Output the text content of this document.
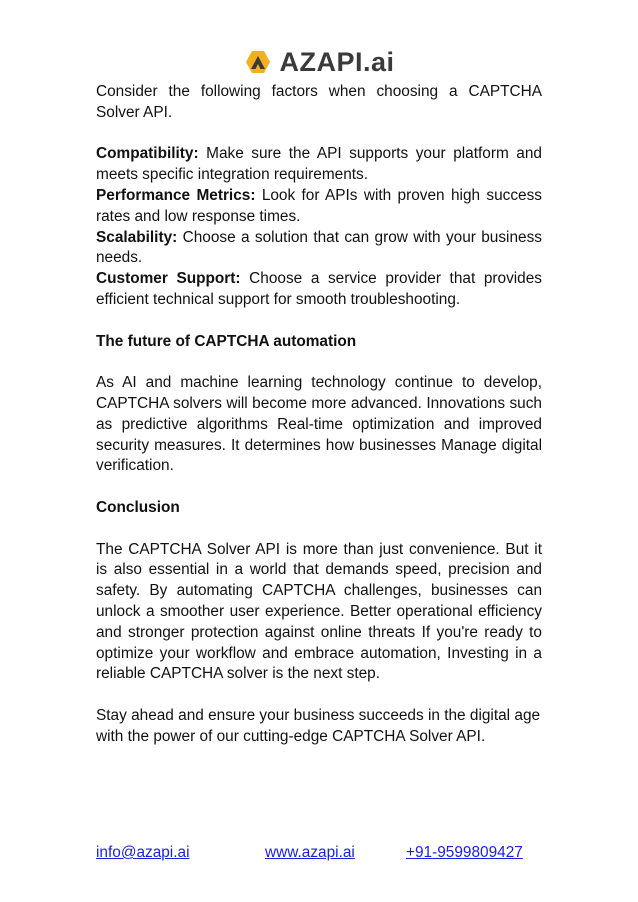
AZAPI.ai

Consider the following factors when choosing a CAPTCHA Solver API.

Compatibility: Make sure the API supports your platform and meets specific integration requirements.

Performance Metrics: Look for APIs with proven high success rates and low response times.

Scalability: Choose a solution that can grow with your business needs.

Customer Support: Choose a service provider that provides efficient technical support for smooth troubleshooting.

The future of CAPTCHA automation

As AI and machine learning technology continue to develop, CAPTCHA solvers will become more advanced. Innovations such as predictive algorithms Real-time optimization and improved security measures. It determines how businesses Manage digital verification.

Conclusion

The CAPTCHA Solver API is more than just convenience. But it is also essential in a world that demands speed, precision and safety. By automating CAPTCHA challenges, businesses can unlock a smoother user experience. Better operational efficiency and stronger protection against online threats If you're ready to optimize your workflow and embrace automation, Investing in a reliable CAPTCHA solver is the next step.

Stay ahead and ensure your business succeeds in the digital age with the power of our cutting-edge CAPTCHA Solver API.

info@azapi.ai	www.azapi.ai	+91-9599809427
